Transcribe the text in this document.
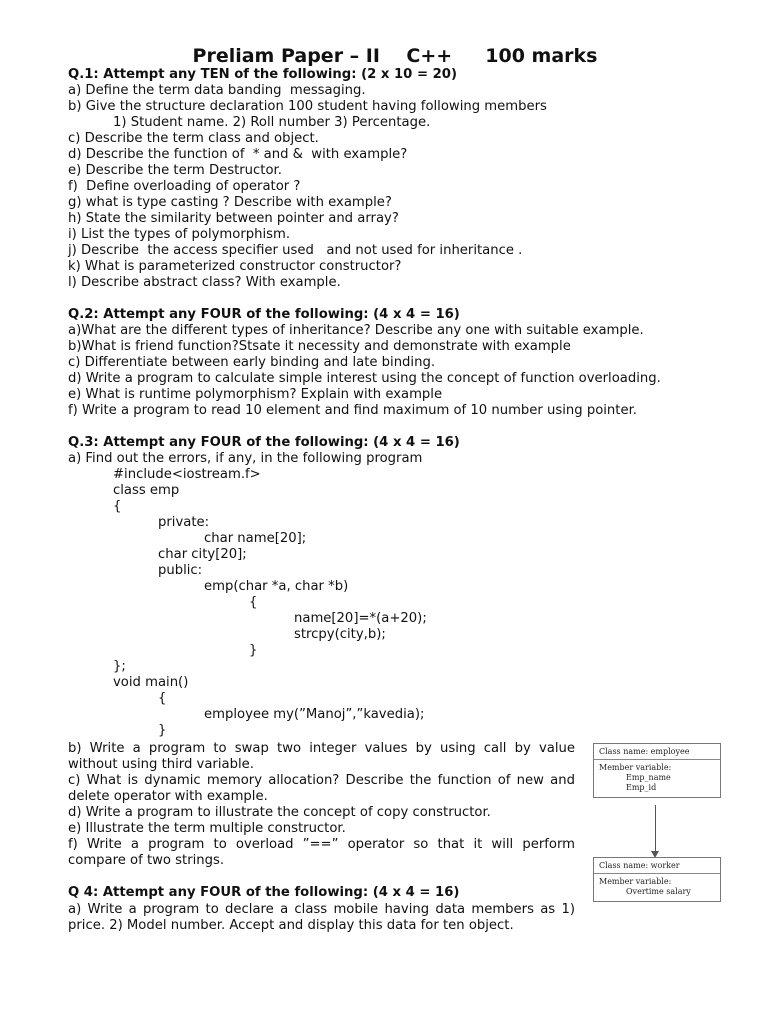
Preliam Paper – II    C++     100 marks
Q.1: Attempt any TEN of the following: (2 x 10 = 20)
a) Define the term data banding  messaging.
b) Give the structure declaration 100 student having following members
1) Student name. 2) Roll number 3) Percentage.
c) Describe the term class and object.
d) Describe the function of  * and &  with example?
e) Describe the term Destructor.
f)  Define overloading of operator ?
g) what is type casting ? Describe with example?
h) State the similarity between pointer and array?
i) List the types of polymorphism.
j) Describe  the access specifier used   and not used for inheritance .
k) What is parameterized constructor constructor?
l) Describe abstract class? With example.
Q.2: Attempt any FOUR of the following: (4 x 4 = 16)
a)What are the different types of inheritance? Describe any one with suitable example.
b)What is friend function?Stsate it necessity and demonstrate with example
c) Differentiate between early binding and late binding.
d) Write a program to calculate simple interest using the concept of function overloading.
e) What is runtime polymorphism? Explain with example
f) Write a program to read 10 element and find maximum of 10 number using pointer.
Q.3: Attempt any FOUR of the following: (4 x 4 = 16)
a) Find out the errors, if any, in the following program
#include<iostream.f>
class emp
{
private:
char name[20];
char city[20];
public:
emp(char *a, char *b)
{
name[20]=*(a+20);
strcpy(city,b);
}
};
void main()
{
employee my(”Manoj”,”kavedia);
}
b) Write a program to swap two integer values by using call by value
without using third variable.
c) What is dynamic memory allocation? Describe the function of new and
delete operator with example.
d) Write a program to illustrate the concept of copy constructor.
e) Illustrate the term multiple constructor.
f) Write a program to overload ”==” operator so that it will perform
compare of two strings.
Q 4: Attempt any FOUR of the following: (4 x 4 = 16)
a) Write a program to declare a class mobile having data members as 1)
price. 2) Model number. Accept and display this data for ten object.
Class name: employee
Member variable:
Emp_name
Emp_id
Class name: worker
Member variable:
Overtime salary
